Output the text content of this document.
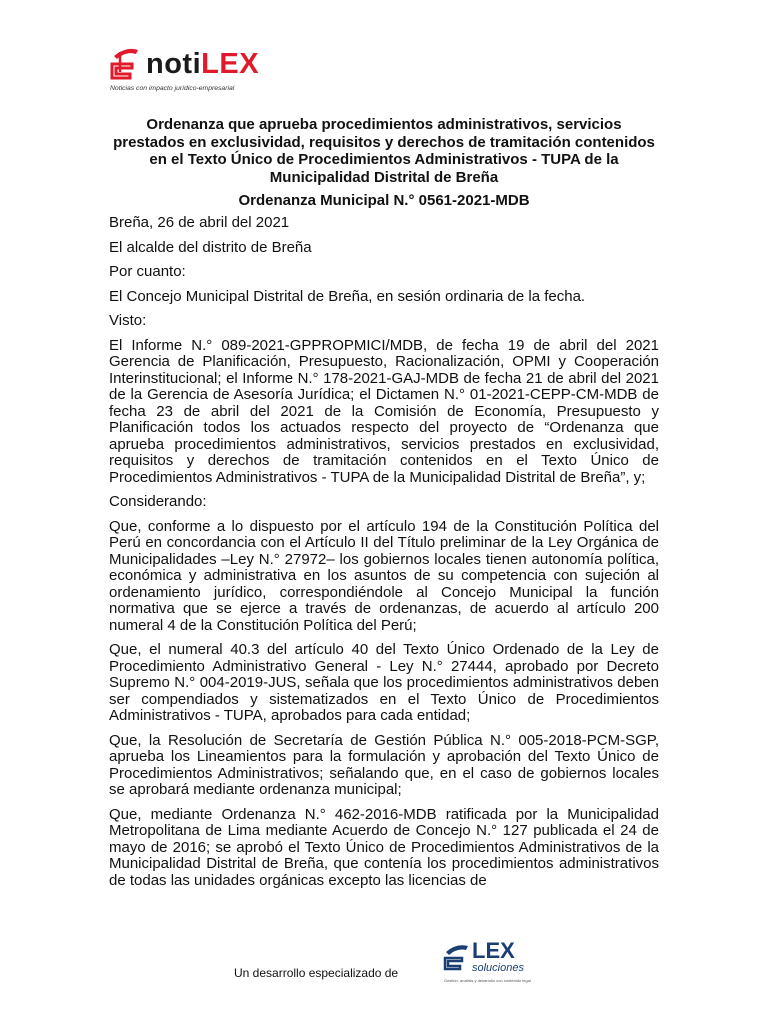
notiLEX
Noticias con impacto jurídico-empresarial
Ordenanza que aprueba procedimientos administrativos, servicios prestados en exclusividad, requisitos y derechos de tramitación contenidos en el Texto Único de Procedimientos Administrativos - TUPA de la Municipalidad Distrital de Breña
Ordenanza Municipal N.° 0561-2021-MDB
Breña, 26 de abril del 2021
El alcalde del distrito de Breña
Por cuanto:
El Concejo Municipal Distrital de Breña, en sesión ordinaria de la fecha.
Visto:
El Informe N.° 089-2021-GPPROPMICI/MDB, de fecha 19 de abril del 2021 Gerencia de Planificación, Presupuesto, Racionalización, OPMI y Cooperación Interinstitucional; el Informe N.° 178-2021-GAJ-MDB de fecha 21 de abril del 2021 de la Gerencia de Asesoría Jurídica; el Dictamen N.° 01-2021-CEPP-CM-MDB de fecha 23 de abril del 2021 de la Comisión de Economía, Presupuesto y Planificación todos los actuados respecto del proyecto de “Ordenanza que aprueba procedimientos administrativos, servicios prestados en exclusividad, requisitos y derechos de tramitación contenidos en el Texto Único de Procedimientos Administrativos - TUPA de la Municipalidad Distrital de Breña”, y;
Considerando:
Que, conforme a lo dispuesto por el artículo 194 de la Constitución Política del Perú en concordancia con el Artículo II del Título preliminar de la Ley Orgánica de Municipalidades –Ley N.° 27972– los gobiernos locales tienen autonomía política, económica y administrativa en los asuntos de su competencia con sujeción al ordenamiento jurídico, correspondiéndole al Concejo Municipal la función normativa que se ejerce a través de ordenanzas, de acuerdo al artículo 200 numeral 4 de la Constitución Política del Perú;
Que, el numeral 40.3 del artículo 40 del Texto Único Ordenado de la Ley de Procedimiento Administrativo General - Ley N.° 27444, aprobado por Decreto Supremo N.° 004-2019-JUS, señala que los procedimientos administrativos deben ser compendiados y sistematizados en el Texto Único de Procedimientos Administrativos - TUPA, aprobados para cada entidad;
Que, la Resolución de Secretaría de Gestión Pública N.° 005-2018-PCM-SGP, aprueba los Lineamientos para la formulación y aprobación del Texto Único de Procedimientos Administrativos; señalando que, en el caso de gobiernos locales se aprobará mediante ordenanza municipal;
Que, mediante Ordenanza N.° 462-2016-MDB ratificada por la Municipalidad Metropolitana de Lima mediante Acuerdo de Concejo N.° 127 publicada el 24 de mayo de 2016; se aprobó el Texto Único de Procedimientos Administrativos de la Municipalidad Distrital de Breña, que contenía los procedimientos administrativos de todas las unidades orgánicas excepto las licencias de
Un desarrollo especializado de
LEX
soluciones
Gestión, análisis y desarrollo con contenido legal
